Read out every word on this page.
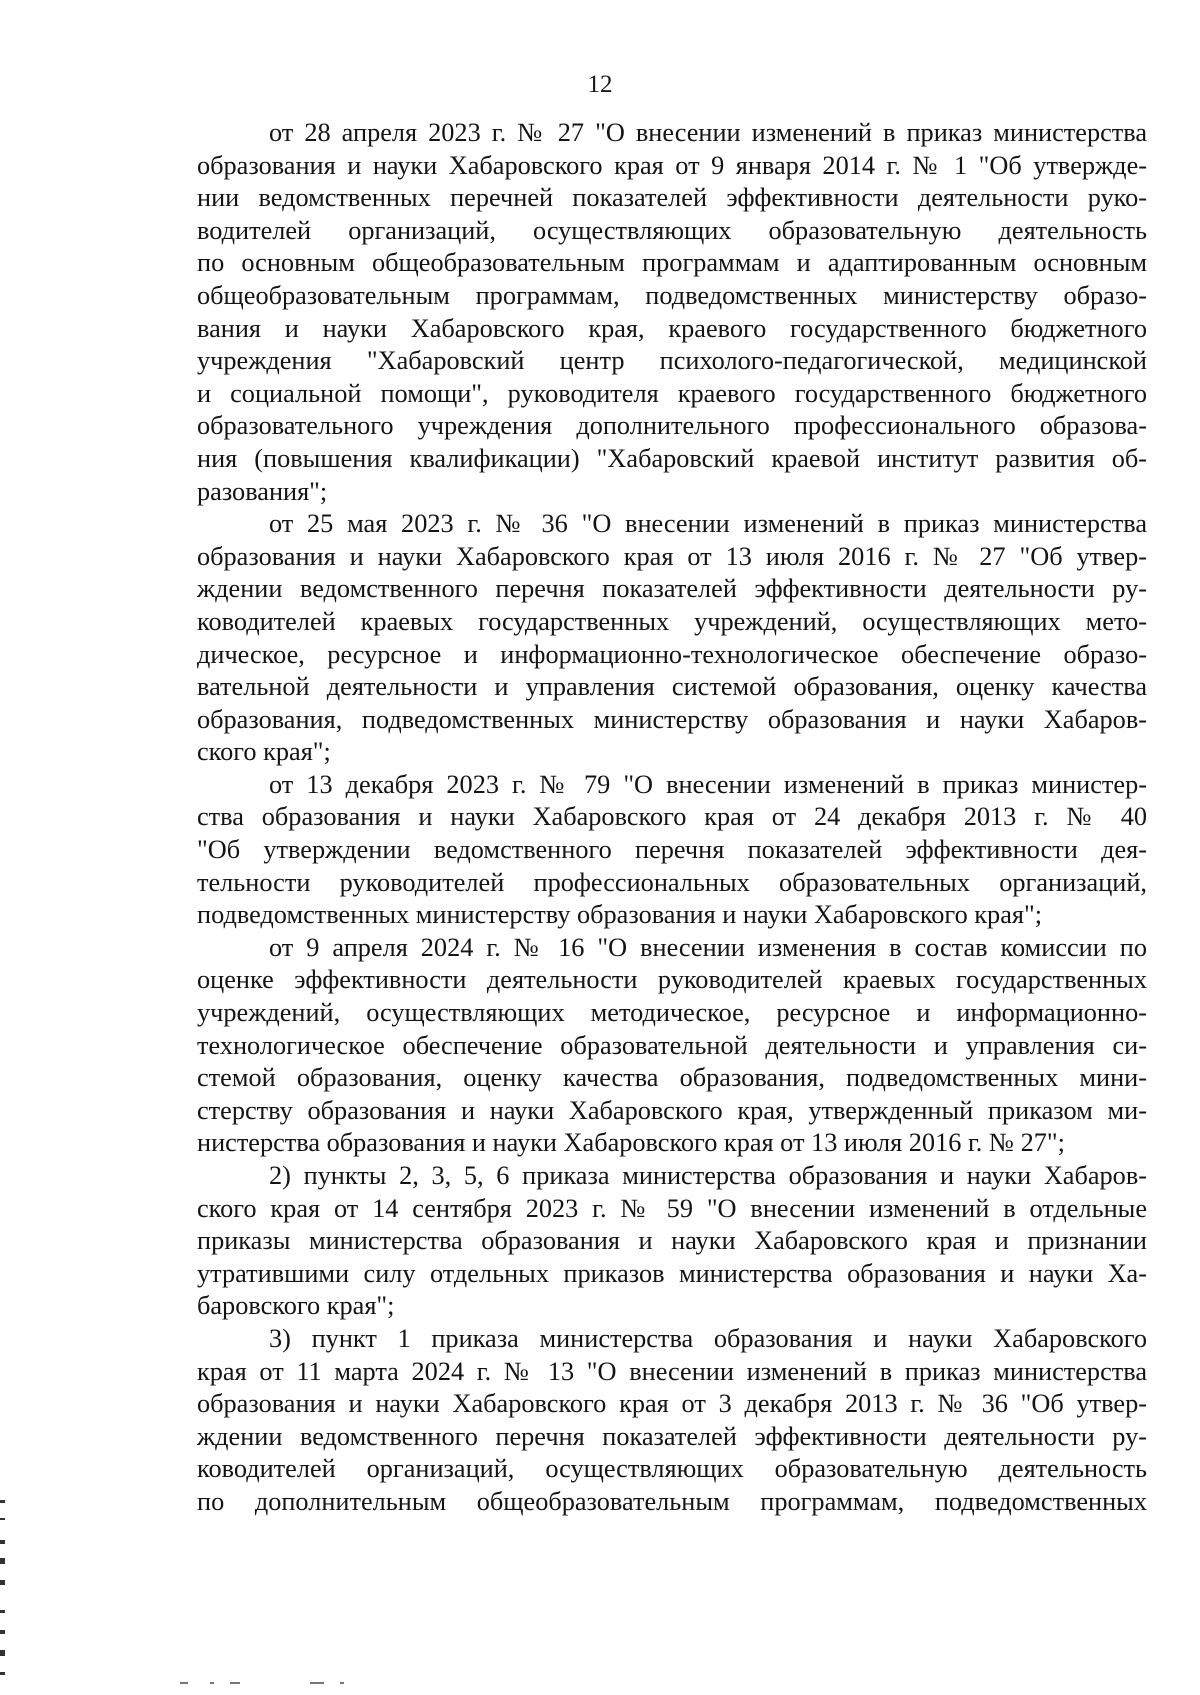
12
от 28 апреля 2023 г. № 27 "О внесении изменений в приказ министерства
образования и науки Хабаровского края от 9 января 2014 г. № 1 "Об утвержде-
нии ведомственных перечней показателей эффективности деятельности руко-
водителей организаций, осуществляющих образовательную деятельность
по основным общеобразовательным программам и адаптированным основным
общеобразовательным программам, подведомственных министерству образо-
вания и науки Хабаровского края, краевого государственного бюджетного
учреждения "Хабаровский центр психолого-педагогической, медицинской
и социальной помощи", руководителя краевого государственного бюджетного
образовательного учреждения дополнительного профессионального образова-
ния (повышения квалификации) "Хабаровский краевой институт развития об-
разования";
от 25 мая 2023 г. № 36 "О внесении изменений в приказ министерства
образования и науки Хабаровского края от 13 июля 2016 г. № 27 "Об утвер-
ждении ведомственного перечня показателей эффективности деятельности ру-
ководителей краевых государственных учреждений, осуществляющих мето-
дическое, ресурсное и информационно-технологическое обеспечение образо-
вательной деятельности и управления системой образования, оценку качества
образования, подведомственных министерству образования и науки Хабаров-
ского края";
от 13 декабря 2023 г. № 79 "О внесении изменений в приказ министер-
ства образования и науки Хабаровского края от 24 декабря 2013 г. № 40
"Об утверждении ведомственного перечня показателей эффективности дея-
тельности руководителей профессиональных образовательных организаций,
подведомственных министерству образования и науки Хабаровского края";
от 9 апреля 2024 г. № 16 "О внесении изменения в состав комиссии по
оценке эффективности деятельности руководителей краевых государственных
учреждений, осуществляющих методическое, ресурсное и информационно-
технологическое обеспечение образовательной деятельности и управления си-
стемой образования, оценку качества образования, подведомственных мини-
стерству образования и науки Хабаровского края, утвержденный приказом ми-
нистерства образования и науки Хабаровского края от 13 июля 2016 г. № 27";
2) пункты 2, 3, 5, 6 приказа министерства образования и науки Хабаров-
ского края от 14 сентября 2023 г. № 59 "О внесении изменений в отдельные
приказы министерства образования и науки Хабаровского края и признании
утратившими силу отдельных приказов министерства образования и науки Ха-
баровского края";
3) пункт 1 приказа министерства образования и науки Хабаровского
края от 11 марта 2024 г. № 13 "О внесении изменений в приказ министерства
образования и науки Хабаровского края от 3 декабря 2013 г. № 36 "Об утвер-
ждении ведомственного перечня показателей эффективности деятельности ру-
ководителей организаций, осуществляющих образовательную деятельность
по дополнительным общеобразовательным программам, подведомственных
